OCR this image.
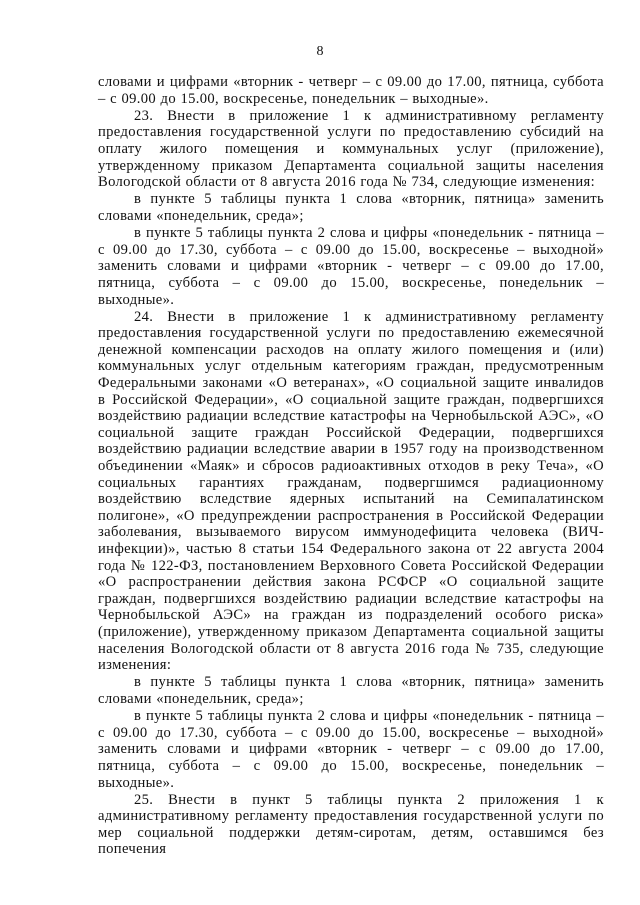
8

словами и цифрами «вторник - четверг – с 09.00 до 17.00, пятница, суббота – с 09.00 до 15.00, воскресенье, понедельник – выходные».

23. Внести в приложение 1 к административному регламенту предоставления государственной услуги по предоставлению субсидий на оплату жилого помещения и коммунальных услуг (приложение), утвержденному приказом Департамента социальной защиты населения Вологодской области от 8 августа 2016 года № 734, следующие изменения:

в пункте 5 таблицы пункта 1 слова «вторник, пятница» заменить словами «понедельник, среда»;

в пункте 5 таблицы пункта 2 слова и цифры «понедельник - пятница – с 09.00 до 17.30, суббота – с 09.00 до 15.00, воскресенье – выходной» заменить словами и цифрами «вторник - четверг – с 09.00 до 17.00, пятница, суббота – с 09.00 до 15.00, воскресенье, понедельник – выходные».

24. Внести в приложение 1 к административному регламенту предоставления государственной услуги по предоставлению ежемесячной денежной компенсации расходов на оплату жилого помещения и (или) коммунальных услуг отдельным категориям граждан, предусмотренным Федеральными законами «О ветеранах», «О социальной защите инвалидов в Российской Федерации», «О социальной защите граждан, подвергшихся воздействию радиации вследствие катастрофы на Чернобыльской АЭС», «О социальной защите граждан Российской Федерации, подвергшихся воздействию радиации вследствие аварии в 1957 году на производственном объединении «Маяк» и сбросов радиоактивных отходов в реку Теча», «О социальных гарантиях гражданам, подвергшимся радиационному воздействию вследствие ядерных испытаний на Семипалатинском полигоне», «О предупреждении распространения в Российской Федерации заболевания, вызываемого вирусом иммунодефицита человека (ВИЧ-инфекции)», частью 8 статьи 154 Федерального закона от 22 августа 2004 года № 122-ФЗ, постановлением Верховного Совета Российской Федерации «О распространении действия закона РСФСР «О социальной защите граждан, подвергшихся воздействию радиации вследствие катастрофы на Чернобыльской АЭС» на граждан из подразделений особого риска» (приложение), утвержденному приказом Департамента социальной защиты населения Вологодской области от 8 августа 2016 года № 735, следующие изменения:

в пункте 5 таблицы пункта 1 слова «вторник, пятница» заменить словами «понедельник, среда»;

в пункте 5 таблицы пункта 2 слова и цифры «понедельник - пятница – с 09.00 до 17.30, суббота – с 09.00 до 15.00, воскресенье – выходной» заменить словами и цифрами «вторник - четверг – с 09.00 до 17.00, пятница, суббота – с 09.00 до 15.00, воскресенье, понедельник – выходные».

25. Внести в пункт 5 таблицы пункта 2 приложения 1 к административному регламенту предоставления государственной услуги по мер социальной поддержки детям-сиротам, детям, оставшимся без попечения
